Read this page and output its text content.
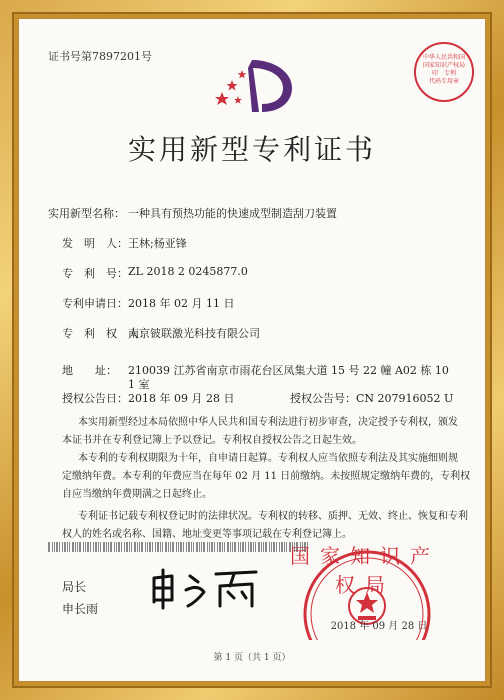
证书号第7897201号	中华人民共和国
国家知识产权局
印　专利
代码专用章
实用新型专利证书
实用新型名称： 一种具有预热功能的快速成型制造刮刀装置
发　明　人： 王林;杨亚锋
专　利　号： ZL 2018 2 0245877.0
专利申请日： 2018 年 02 月 11 日
专　利　权　人：
南京铍联激光科技有限公司
地　　址： 210039 江苏省南京市雨花台区凤集大道 15 号 22 幢 A02 栋 10
1 室
授权公告日： 2018 年 09 月 28 日	授权公告号：CN 207916052 U
本实用新型经过本局依照中华人民共和国专利法进行初步审查，决定授予专利权，颁发
本证书并在专利登记簿上予以登记。专利权自授权公告之日起生效。
本专利的专利权期限为十年，自申请日起算。专利权人应当依照专利法及其实施细则规
定缴纳年费。本专利的年费应当在每年 02 月 11 日前缴纳。未按照规定缴纳年费的，专利权
自应当缴纳年费期满之日起终止。
专利证书记载专利权登记时的法律状况。专利权的转移、质押、无效、终止、恢复和专利
权人的姓名或名称、国籍、地址变更等事项记载在专利登记簿上。
局长
申长雨
国家知识产权局
2018 年 09 月 28 日
第 1 页（共 1 页）
